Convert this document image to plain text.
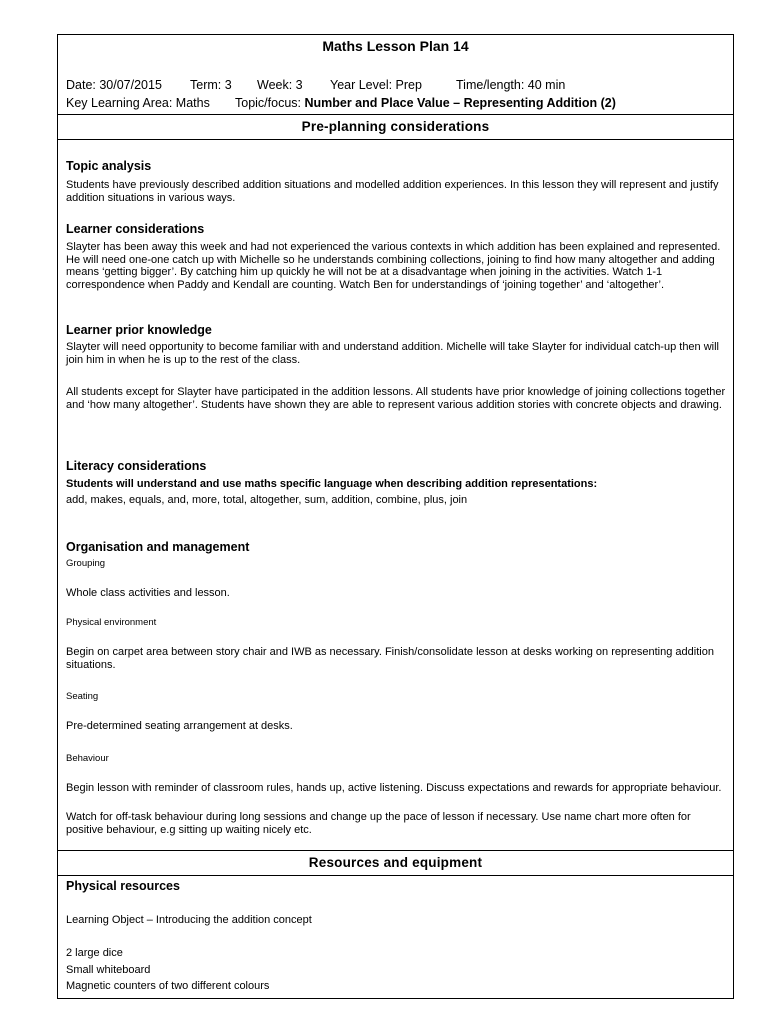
Maths Lesson Plan 14
Date: 30/07/2015 Term: 3 Week: 3 Year Level: Prep	Time/length: 40 min
Key Learning Area: Maths Topic/focus: Number and Place Value – Representing Addition (2)
Pre-planning considerations
Topic analysis
Students have previously described addition situations and modelled addition experiences. In this lesson they will represent and justify addition situations in various ways.
Learner considerations
Slayter has been away this week and had not experienced the various contexts in which addition has been explained and represented. He will need one-one catch up with Michelle so he understands combining collections, joining to find how many altogether and adding means ‘getting bigger’. By catching him up quickly he will not be at a disadvantage when joining in the activities. Watch 1-1 correspondence when Paddy and Kendall are counting. Watch Ben for understandings of ‘joining together’ and ‘altogether’.
Learner prior knowledge
Slayter will need opportunity to become familiar with and understand addition. Michelle will take Slayter for individual catch-up then will join him in when he is up to the rest of the class.
All students except for Slayter have participated in the addition lessons. All students have prior knowledge of joining collections together and ‘how many altogether’. Students have shown they are able to represent various addition stories with concrete objects and drawing.
Literacy considerations
Students will understand and use maths specific language when describing addition representations:
add, makes, equals, and, more, total, altogether, sum, addition, combine, plus, join
Organisation and management
Grouping
Whole class activities and lesson.
Physical environment
Begin on carpet area between story chair and IWB as necessary. Finish/consolidate lesson at desks working on representing addition situations.
Seating
Pre-determined seating arrangement at desks.
Behaviour
Begin lesson with reminder of classroom rules, hands up, active listening. Discuss expectations and rewards for appropriate behaviour.
Watch for off-task behaviour during long sessions and change up the pace of lesson if necessary. Use name chart more often for positive behaviour, e.g sitting up waiting nicely etc.
Resources and equipment
Physical resources
Learning Object – Introducing the addition concept
2 large dice
Small whiteboard
Magnetic counters of two different colours
